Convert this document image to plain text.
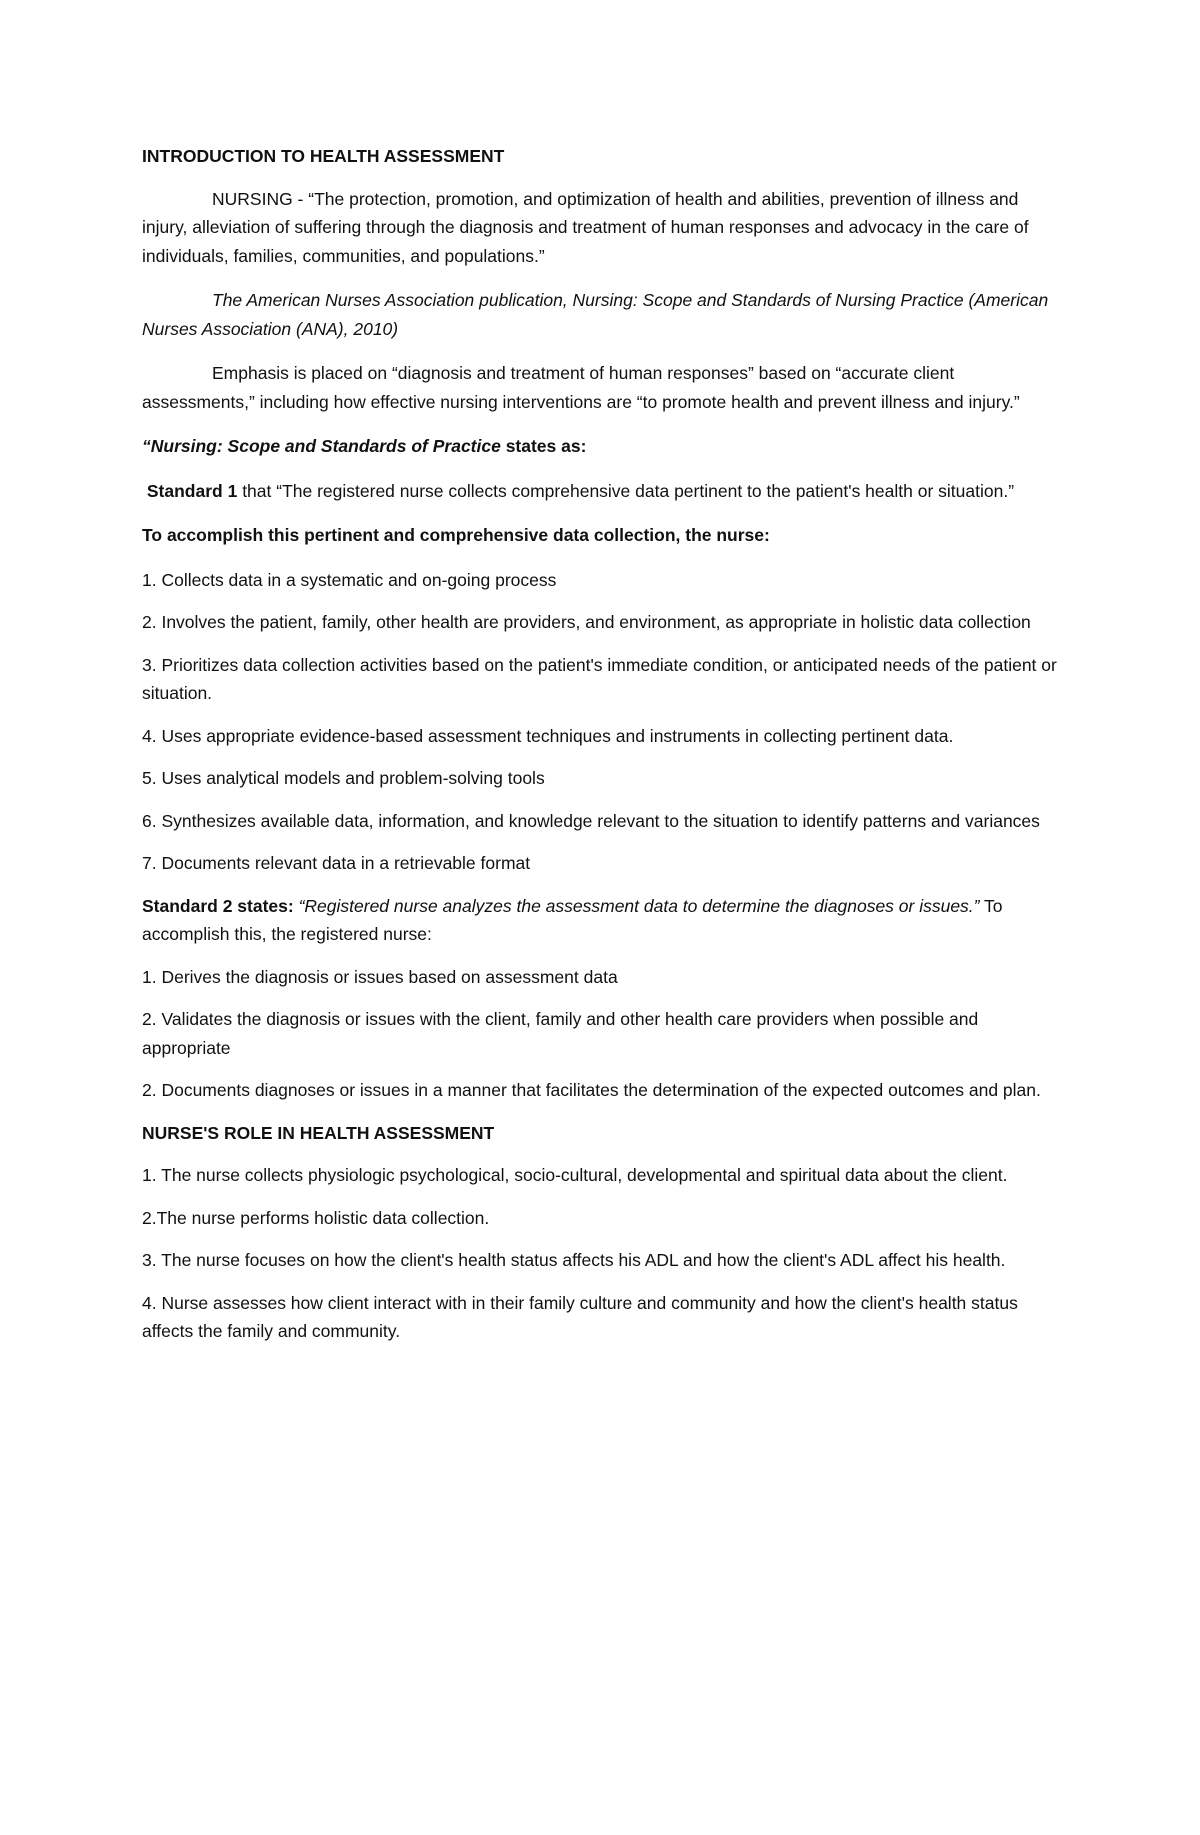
INTRODUCTION TO HEALTH ASSESSMENT

NURSING - “The protection, promotion, and optimization of health and abilities, prevention of illness and injury, alleviation of suffering through the diagnosis and treatment of human responses and advocacy in the care of individuals, families, communities, and populations.”

The American Nurses Association publication, Nursing: Scope and Standards of Nursing Practice (American Nurses Association (ANA), 2010)

Emphasis is placed on “diagnosis and treatment of human responses” based on “accurate client assessments,” including how effective nursing interventions are “to promote health and prevent illness and injury.”

“Nursing: Scope and Standards of Practice states as:

Standard 1 that “The registered nurse collects comprehensive data pertinent to the patient's health or situation.”

To accomplish this pertinent and comprehensive data collection, the nurse:

1. Collects data in a systematic and on-going process

2. Involves the patient, family, other health are providers, and environment, as appropriate in holistic data collection

3. Prioritizes data collection activities based on the patient's immediate condition, or anticipated needs of the patient or situation.

4. Uses appropriate evidence-based assessment techniques and instruments in collecting pertinent data.

5. Uses analytical models and problem-solving tools

6. Synthesizes available data, information, and knowledge relevant to the situation to identify patterns and variances

7. Documents relevant data in a retrievable format

Standard 2 states: “Registered nurse analyzes the assessment data to determine the diagnoses or issues.” To accomplish this, the registered nurse:

1. Derives the diagnosis or issues based on assessment data

2. Validates the diagnosis or issues with the client, family and other health care providers when possible and appropriate

2. Documents diagnoses or issues in a manner that facilitates the determination of the expected outcomes and plan.

NURSE'S ROLE IN HEALTH ASSESSMENT

1. The nurse collects physiologic psychological, socio-cultural, developmental and spiritual data about the client.

2.The nurse performs holistic data collection.

3. The nurse focuses on how the client's health status affects his ADL and how the client's ADL affect his health.

4. Nurse assesses how client interact with in their family culture and community and how the client's health status affects the family and community.
